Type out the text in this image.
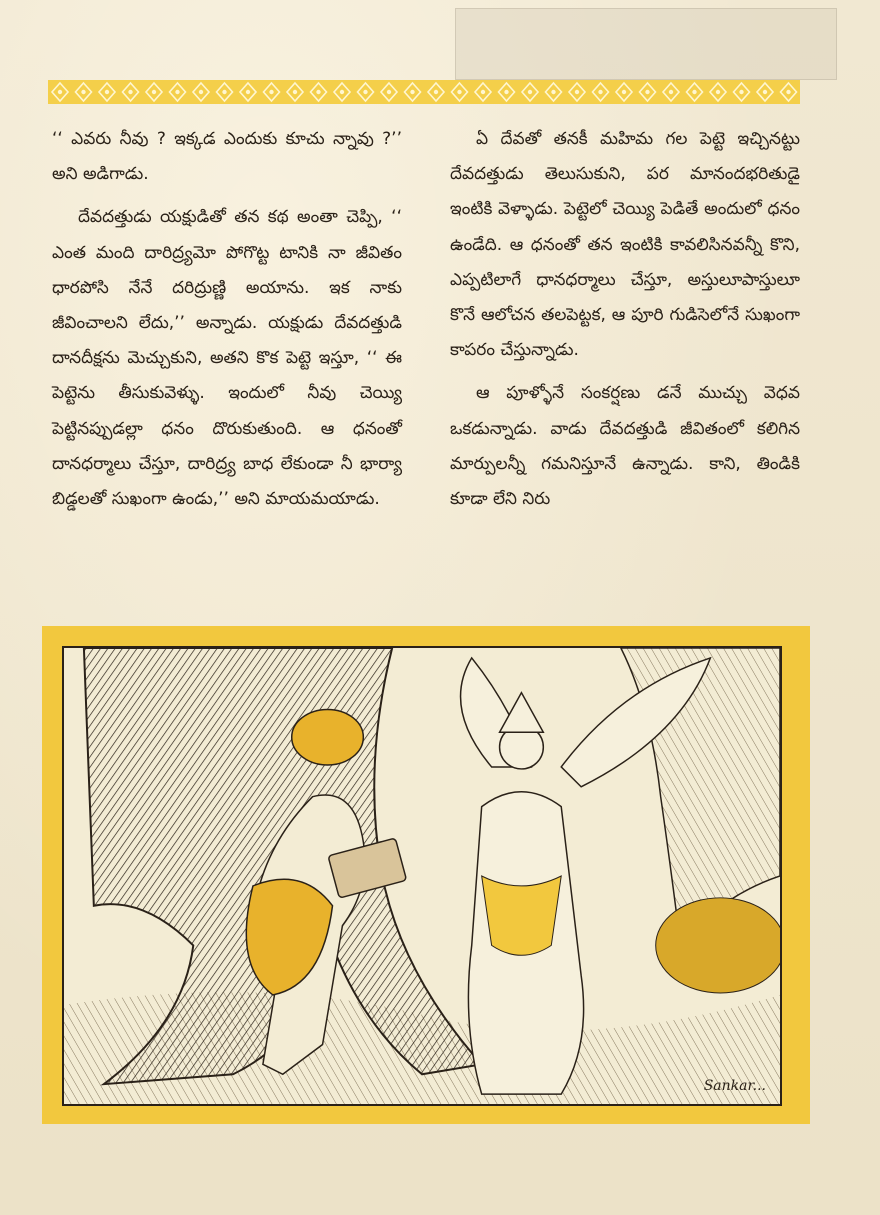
‘‘ ఎవరు నీవు ? ఇక్కడ ఎందుకు కూచు న్నావు ?’’ అని అడిగాడు.

దేవదత్తుడు యక్షుడితో తన కథ అంతా చెప్పి, ‘‘ ఎంత మంది దారిద్ర్యమో పోగొట్ట టానికి నా జీవితం ధారపోసి నేనే దరిద్రుణ్ణి అయాను. ఇక నాకు జీవించాలని లేదు,’’ అన్నాడు. యక్షుడు దేవదత్తుడి దానదీక్షను మెచ్చుకుని, అతని కొక పెట్టె ఇస్తూ, ‘‘ ఈ పెట్టెను తీసుకువెళ్ళు. ఇందులో నీవు చెయ్యి పెట్టినప్పుడల్లా ధనం దొరుకుతుంది. ఆ ధనంతో దానధర్మాలు చేస్తూ, దారిద్ర్య బాధ లేకుండా నీ భార్యా బిడ్డలతో సుఖంగా ఉండు,’’ అని మాయమయాడు.

ఏ దేవతో తనకీ మహిమ గల పెట్టె ఇచ్చినట్టు దేవదత్తుడు తెలుసుకుని, పర మానందభరితుడై ఇంటికి వెళ్ళాడు. పెట్టెలో చెయ్యి పెడితే అందులో ధనం ఉండేది. ఆ ధనంతో తన ఇంటికి కావలిసినవన్నీ కొని, ఎప్పటిలాగే ధానధర్మాలు చేస్తూ, అస్తులూపాస్తులూ కొనే ఆలోచన తలపెట్టక, ఆ పూరి గుడిసెలోనే సుఖంగా కాపరం చేస్తున్నాడు.

ఆ పూళ్ళోనే సంకర్షణు డనే ముచ్చు వెధవ ఒకడున్నాడు. వాడు దేవదత్తుడి జీవితంలో కలిగిన మార్పులన్నీ గమనిస్తూనే ఉన్నాడు. కాని, తిండికి కూడా లేని నిరు

Sankar...
